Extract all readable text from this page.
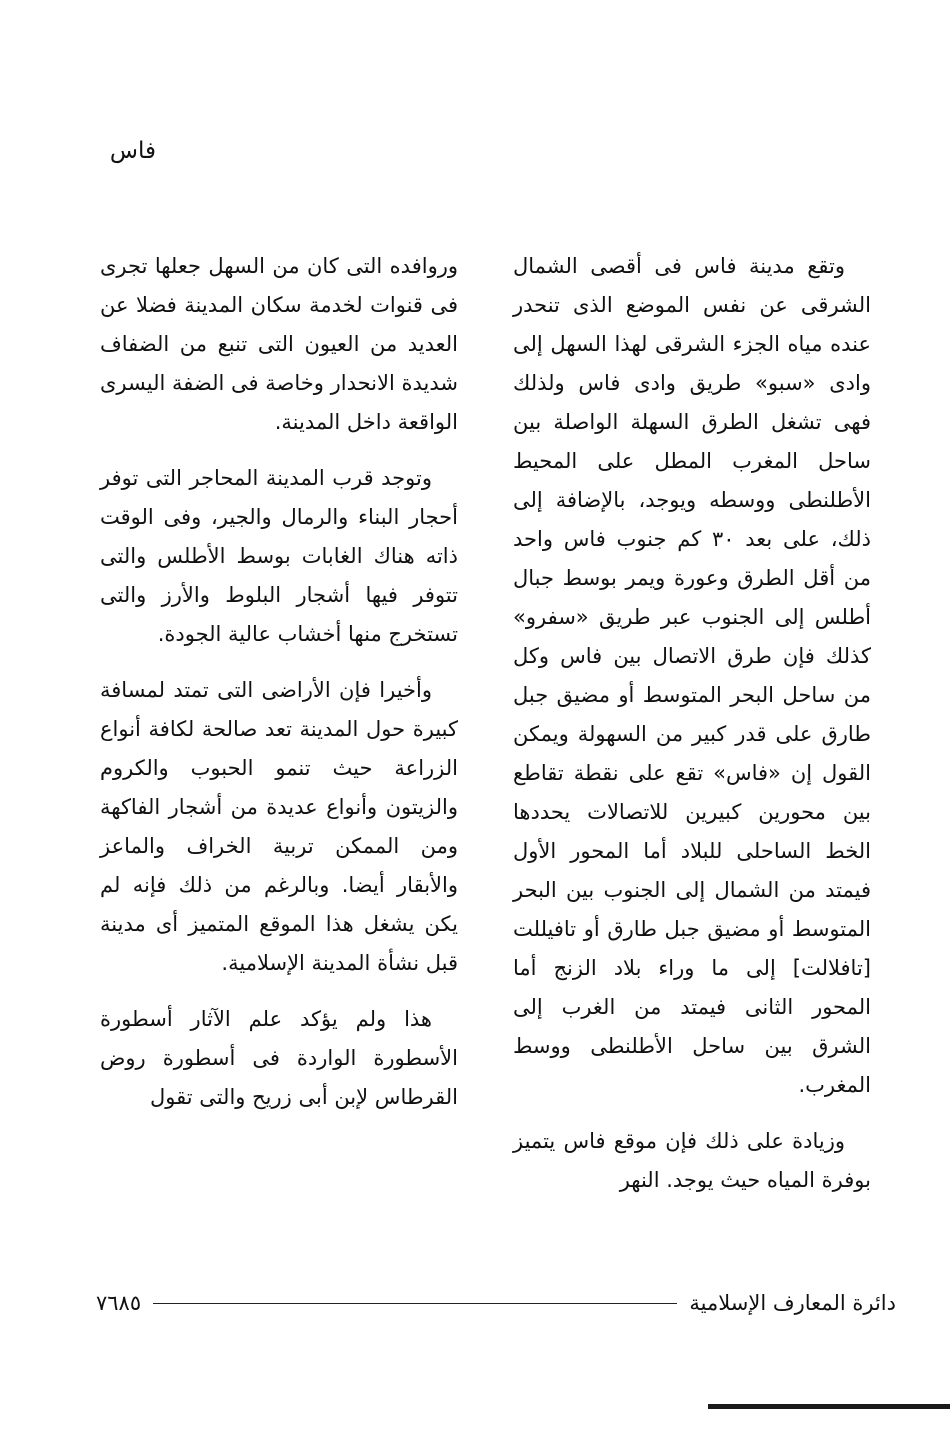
فاس

وتقع مدينة فاس فى أقصى الشمال الشرقى عن نفس الموضع الذى تنحدر عنده مياه الجزء الشرقى لهذا السهل إلى وادى «سبو» طريق وادى فاس ولذلك فهى تشغل الطرق السهلة الواصلة بين ساحل المغرب المطل على المحيط الأطلنطى ووسطه ويوجد، بالإضافة إلى ذلك، على بعد ٣٠ كم جنوب فاس واحد من أقل الطرق وعورة ويمر بوسط جبال أطلس إلى الجنوب عبر طريق «سفرو» كذلك فإن طرق الاتصال بين فاس وكل من ساحل البحر المتوسط أو مضيق جبل طارق على قدر كبير من السهولة ويمكن القول إن «فاس» تقع على نقطة تقاطع بين محورين كبيرين للاتصالات يحددها الخط الساحلى للبلاد أما المحور الأول فيمتد من الشمال إلى الجنوب بين البحر المتوسط أو مضيق جبل طارق أو تافيللت [تافلالت] إلى ما وراء بلاد الزنج أما المحور الثانى فيمتد من الغرب إلى الشرق بين ساحل الأطلنطى ووسط المغرب.

وزيادة على ذلك فإن موقع فاس يتميز بوفرة المياه حيث يوجد. النهر

وروافده التى كان من السهل جعلها تجرى فى قنوات لخدمة سكان المدينة فضلا عن العديد من العيون التى تنبع من الضفاف شديدة الانحدار وخاصة فى الضفة اليسرى الواقعة داخل المدينة.

وتوجد قرب المدينة المحاجر التى توفر أحجار البناء والرمال والجير، وفى الوقت ذاته هناك الغابات بوسط الأطلس والتى تتوفر فيها أشجار البلوط والأرز والتى تستخرج منها أخشاب عالية الجودة.

وأخيرا فإن الأراضى التى تمتد لمسافة كبيرة حول المدينة تعد صالحة لكافة أنواع الزراعة حيث تنمو الحبوب والكروم والزيتون وأنواع عديدة من أشجار الفاكهة ومن الممكن تربية الخراف والماعز والأبقار أيضا. وبالرغم من ذلك فإنه لم يكن يشغل هذا الموقع المتميز أى مدينة قبل نشأة المدينة الإسلامية.

هذا ولم يؤكد علم الآثار أسطورة الأسطورة الواردة فى أسطورة روض القرطاس لإبن أبى زريح والتى تقول

دائرة المعارف الإسلامية
٧٦٨٥
